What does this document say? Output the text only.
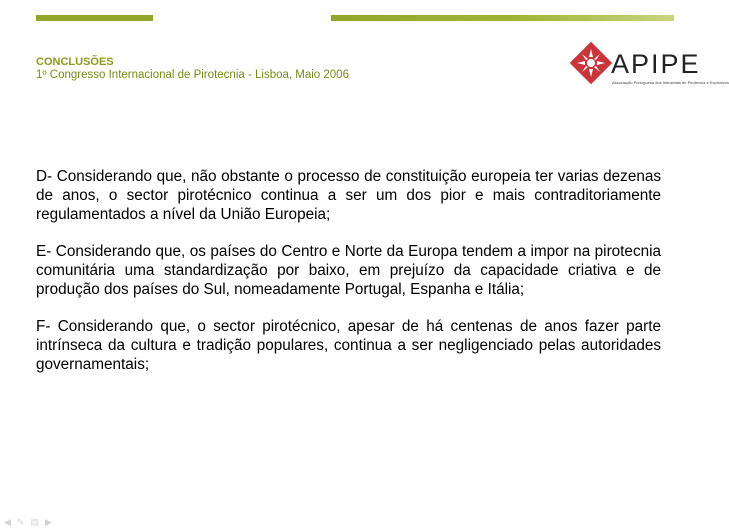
CONCLUSÕES
1º Congresso Internacional de Pirotecnia - Lisboa, Maio 2006	APIPE
Associação Portuguesa dos Industriais de Pirotecnia e Explosivos

D- Considerando que, não obstante o processo de constituição europeia ter varias dezenas de anos, o sector pirotécnico continua a ser um dos pior e mais contraditoriamente regulamentados a nível da União Europeia;

E- Considerando que, os países do Centro e Norte da Europa tendem a impor na pirotecnia comunitária uma standardização por baixo, em prejuízo da capacidade criativa e de produção dos países do Sul, nomeadamente Portugal, Espanha e Itália;

F- Considerando que, o sector pirotécnico, apesar de há centenas de anos fazer parte intrínseca da cultura e tradição populares, continua a ser negligenciado pelas autoridades governamentais;

◀ ✎ ▤ ▶
